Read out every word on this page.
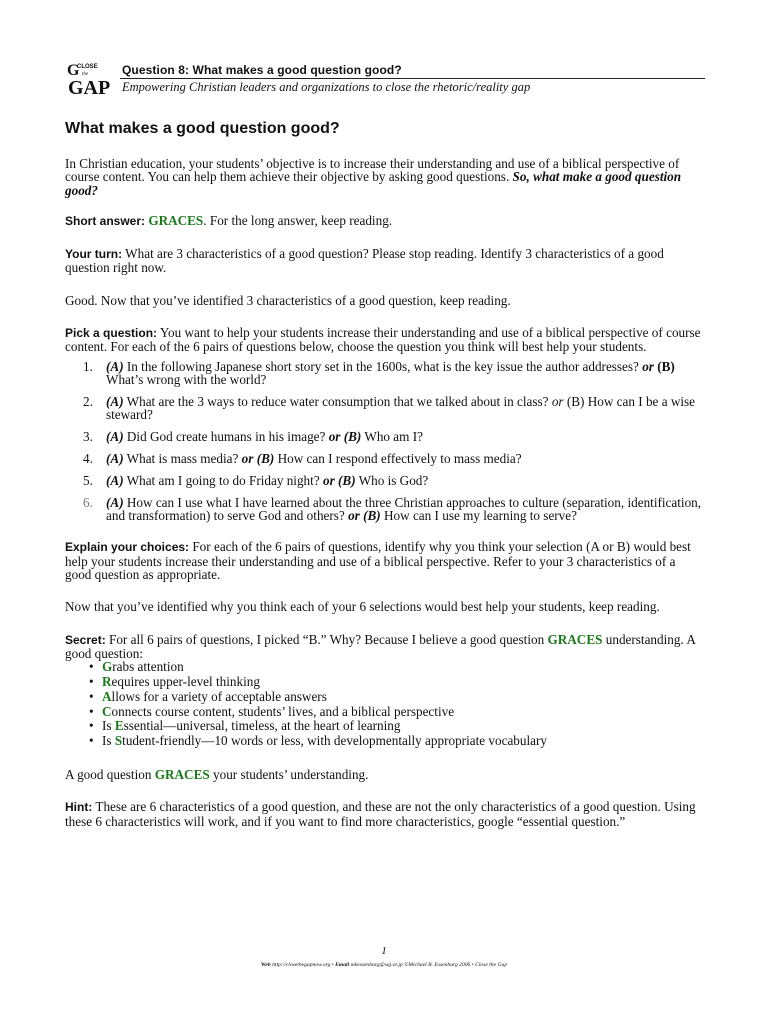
G
CLOSE
the
GAP
Question 8: What makes a good question good?
Empowering Christian leaders and organizations to close the rhetoric/reality gap
What makes a good question good?

In Christian education, your students’ objective is to increase their understanding and use of a biblical perspective of course content. You can help them achieve their objective by asking good questions. So, what make a good question good?

Short answer: GRACES. For the long answer, keep reading.

Your turn: What are 3 characteristics of a good question? Please stop reading. Identify 3 characteristics of a good question right now.

Good. Now that you’ve identified 3 characteristics of a good question, keep reading.

Pick a question: You want to help your students increase their understanding and use of a biblical perspective of course content. For each of the 6 pairs of questions below, choose the question you think will best help your students.

1. (A) In the following Japanese short story set in the 1600s, what is the key issue the author addresses? or (B) What’s wrong with the world?
2. (A) What are the 3 ways to reduce water consumption that we talked about in class? or (B) How can I be a wise steward?
3. (A) Did God create humans in his image? or (B) Who am I?
4. (A) What is mass media? or (B) How can I respond effectively to mass media?
5. (A) What am I going to do Friday night? or (B) Who is God?
6. (A) How can I use what I have learned about the three Christian approaches to culture (separation, identification, and transformation) to serve God and others? or (B) How can I use my learning to serve?

Explain your choices: For each of the 6 pairs of questions, identify why you think your selection (A or B) would best help your students increase their understanding and use of a biblical perspective. Refer to your 3 characteristics of a good question as appropriate.

Now that you’ve identified why you think each of your 6 selections would best help your students, keep reading.

Secret: For all 6 pairs of questions, I picked “B.” Why? Because I believe a good question GRACES understanding. A good question:

• Grabs attention
• Requires upper-level thinking
• Allows for a variety of acceptable answers
• Connects course content, students’ lives, and a biblical perspective
• Is Essential—universal, timeless, at the heart of learning
• Is Student-friendly—10 words or less, with developmentally appropriate vocabulary

A good question GRACES your students’ understanding.

Hint: These are 6 characteristics of a good question, and these are not the only characteristics of a good question. Using these 6 characteristics will work, and if you want to find more characteristics, google “essential question.”

1
Web http://closethegapnow.org • Email mkessenburg@saj.or.jp ©Michael B. Essenburg 2006 • Close the Gap
